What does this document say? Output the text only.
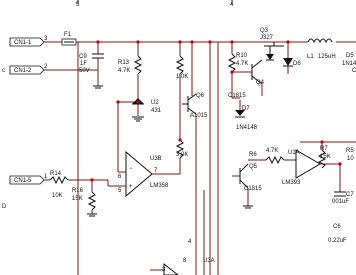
5	4
c	C
D
CN1-1
CN1-2
CN1-5
F1
3
2
C9
1F
50V
R13
4.7K
U2
431
−
+
U3B
LM358
6
5
7
R14
10K
R16
15K
1
1.0K
3.0K
Q6
A1015
R10
4.7K
C1815
Q3
J327
D6
Q4
D7
1N4148
L1 125uH D5
1N14
R6
4.7K
Q5
C1815
U1A
LM393
R7
15K
R5
10
C7
001uF
C6
0.22uF
U3A
3
8
4
